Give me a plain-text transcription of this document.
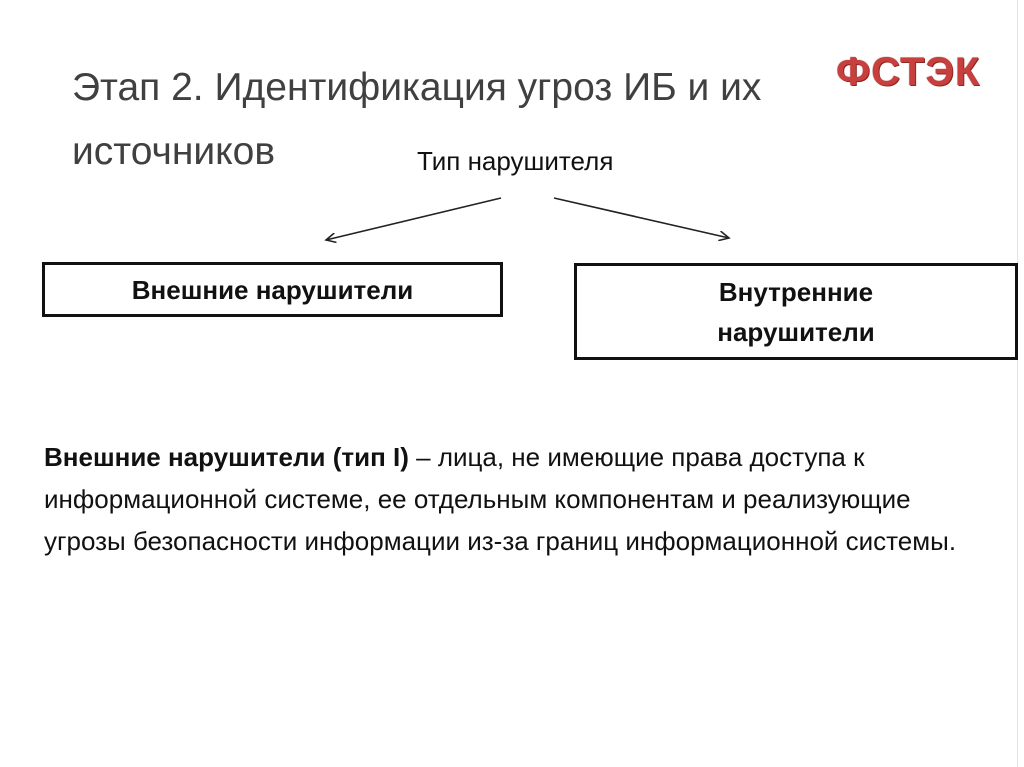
Этап 2. Идентификация угроз ИБ и их источников
ФСТЭК
Тип нарушителя
Внешние нарушители	Внутренние нарушители

Внешние нарушители (тип I) – лица, не имеющие права доступа к информационной системе, ее отдельным компонентам и реализующие угрозы безопасности информации из-за границ информационной системы.
